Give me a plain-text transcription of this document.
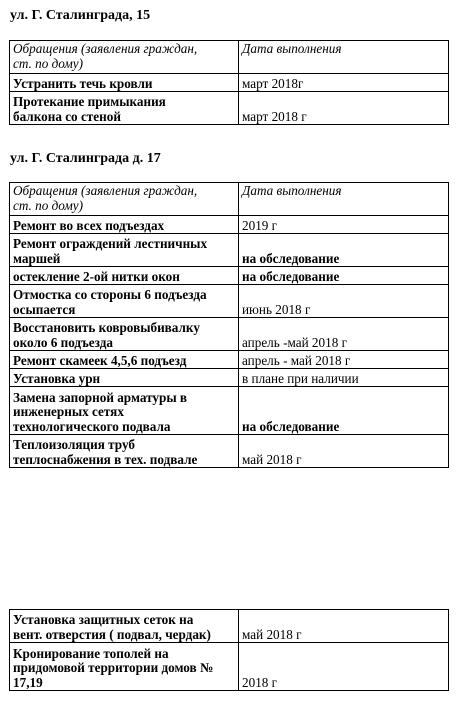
ул. Г. Сталинграда, 15
Обращения (заявления граждан,
ст. по дому)	Дата выполнения

Устранить течь кровли	март 2018г

Протекание примыкания
балкона со стеной	март 2018 г
ул. Г. Сталинграда д. 17
Обращения (заявления граждан,
ст. по дому)	Дата выполнения

Ремонт во всех подъездах	2019 г

Ремонт ограждений лестничных
маршей	на обследование

остекление 2-ой нитки окон	на обследование

Отмостка со стороны 6 подъезда
осыпается	июнь 2018 г

Восстановить ковровыбивалку
около 6 подъезда	апрель -май 2018 г

Ремонт скамеек 4,5,6 подъезд	апрель - май 2018 г

Установка урн	в плане при наличии

Замена запорной арматуры в
инженерных сетях
технологического подвала	на обследование

Теплоизоляция труб
теплоснабжения в тех. подвале	май 2018 г
Установка защитных сеток на
вент. отверстия ( подвал, чердак)	май 2018 г

Кронирование тополей на
придомовой территории домов №
17,19	2018 г
